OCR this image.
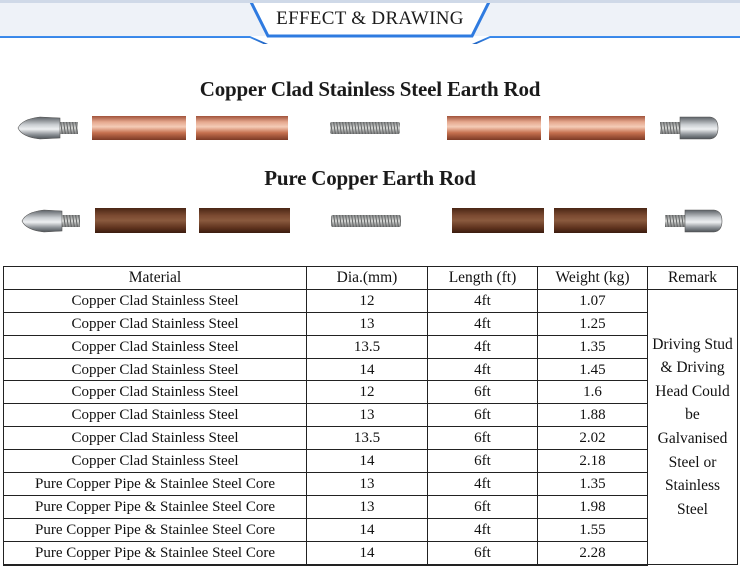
EFFECT & DRAWING
Copper Clad Stainless Steel Earth Rod
Pure Copper Earth Rod
Material	Dia.(mm)	Length (ft)	Weight (kg)	Remark
Copper Clad Stainless Steel	12	4ft	1.07	Driving Stud & Driving Head Could be Galvanised Steel or Stainless Steel
Copper Clad Stainless Steel	13	4ft	1.25	
Copper Clad Stainless Steel	13.5	4ft	1.35	
Copper Clad Stainless Steel	14	4ft	1.45	
Copper Clad Stainless Steel	12	6ft	1.6	
Copper Clad Stainless Steel	13	6ft	1.88	
Copper Clad Stainless Steel	13.5	6ft	2.02	
Copper Clad Stainless Steel	14	6ft	2.18	
Pure Copper Pipe & Stainlee Steel Core	13	4ft	1.35	
Pure Copper Pipe & Stainlee Steel Core	13	6ft	1.98	
Pure Copper Pipe & Stainlee Steel Core	14	4ft	1.55	
Pure Copper Pipe & Stainlee Steel Core	14	6ft	2.28	
